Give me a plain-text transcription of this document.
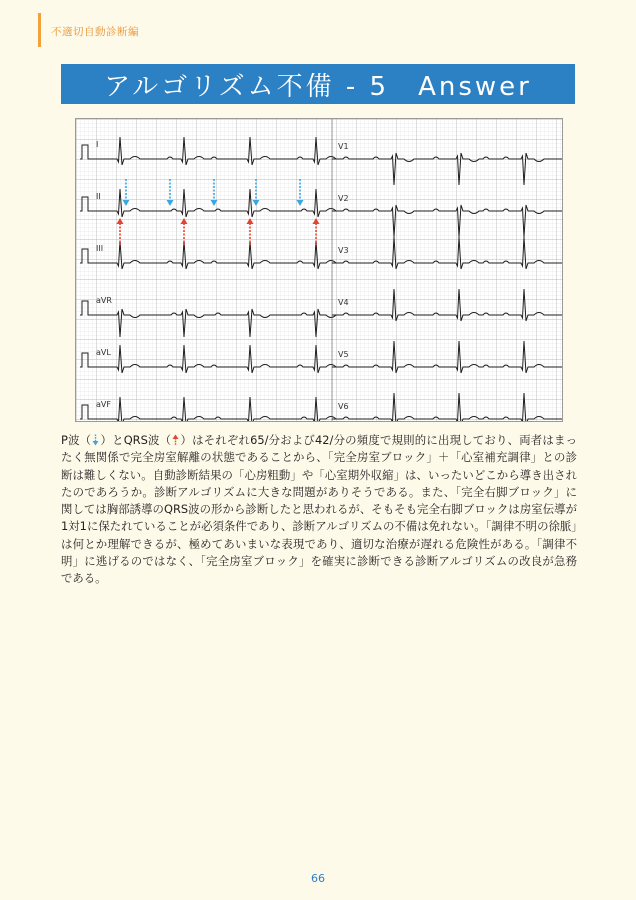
不適切自動診断編
アルゴリズム不備 - 5　Answer
I
II
III
aVR
aVL
aVF
V1
V2
V3
V4
V5
V6
P波（ ）とQRS波（ ）はそれぞれ65/分および42/分の頻度で規則的に出現しており、両者はまったく無関係で完全房室解離の状態であることから、「完全房室ブロック」＋「心室補充調律」との診断は難しくない。自動診断結果の「心房粗動」や「心室期外収縮」は、いったいどこから導き出されたのであろうか。診断アルゴリズムに大きな問題がありそうである。また、「完全右脚ブロック」に関しては胸部誘導のQRS波の形から診断したと思われるが、そもそも完全右脚ブロックは房室伝導が1対1に保たれていることが必須条件であり、診断アルゴリズムの不備は免れない。「調律不明の徐脈」は何とか理解できるが、極めてあいまいな表現であり、適切な治療が遅れる危険性がある。「調律不明」に逃げるのではなく、「完全房室ブロック」を確実に診断できる診断アルゴリズムの改良が急務である。
66
